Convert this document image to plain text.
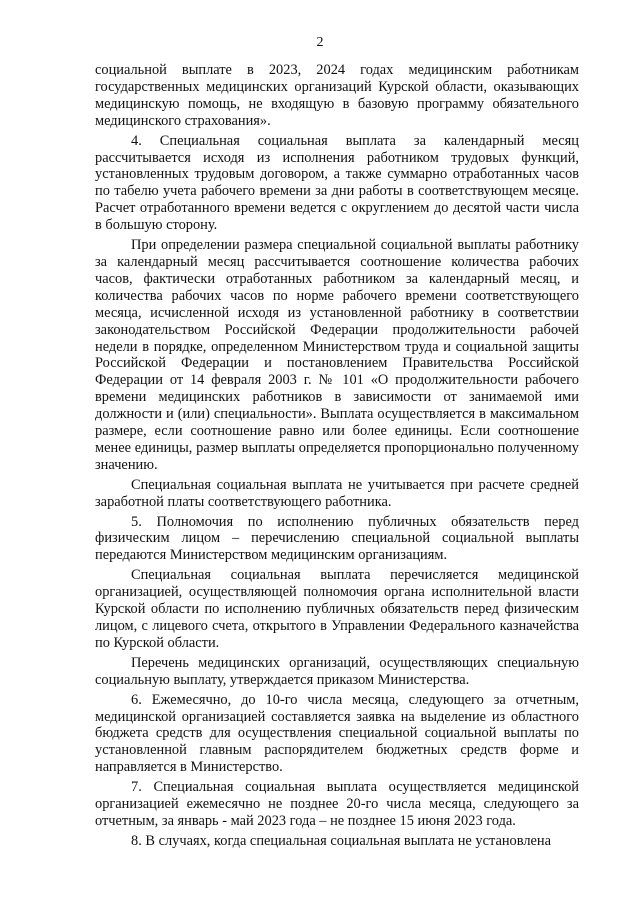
2

социальной выплате в 2023, 2024 годах медицинским работникам государственных медицинских организаций Курской области, оказывающих медицинскую помощь, не входящую в базовую программу обязательного медицинского страхования».

4. Специальная социальная выплата за календарный месяц рассчитывается исходя из исполнения работником трудовых функций, установленных трудовым договором, а также суммарно отработанных часов по табелю учета рабочего времени за дни работы в соответствующем месяце. Расчет отработанного времени ведется с округлением до десятой части числа в большую сторону.

При определении размера специальной социальной выплаты работнику за календарный месяц рассчитывается соотношение количества рабочих часов, фактически отработанных работником за календарный месяц, и количества рабочих часов по норме рабочего времени соответствующего месяца, исчисленной исходя из установленной работнику в соответствии законодательством Российской Федерации продолжительности рабочей недели в порядке, определенном Министерством труда и социальной защиты Российской Федерации и постановлением Правительства Российской Федерации от 14 февраля 2003 г. № 101 «О продолжительности рабочего времени медицинских работников в зависимости от занимаемой ими должности и (или) специальности». Выплата осуществляется в максимальном размере, если соотношение равно или более единицы. Если соотношение менее единицы, размер выплаты определяется пропорционально полученному значению.

Специальная социальная выплата не учитывается при расчете средней заработной платы соответствующего работника.

5. Полномочия по исполнению публичных обязательств перед физическим лицом – перечислению специальной социальной выплаты передаются Министерством медицинским организациям.

Специальная социальная выплата перечисляется медицинской организацией, осуществляющей полномочия органа исполнительной власти Курской области по исполнению публичных обязательств перед физическим лицом, с лицевого счета, открытого в Управлении Федерального казначейства по Курской области.

Перечень медицинских организаций, осуществляющих специальную социальную выплату, утверждается приказом Министерства.

6. Ежемесячно, до 10-го числа месяца, следующего за отчетным, медицинской организацией составляется заявка на выделение из областного бюджета средств для осуществления специальной социальной выплаты по установленной главным распорядителем бюджетных средств форме и направляется в Министерство.

7. Специальная социальная выплата осуществляется медицинской организацией ежемесячно не позднее 20-го числа месяца, следующего за отчетным, за январь - май 2023 года – не позднее 15 июня 2023 года.

8. В случаях, когда специальная социальная выплата не установлена
